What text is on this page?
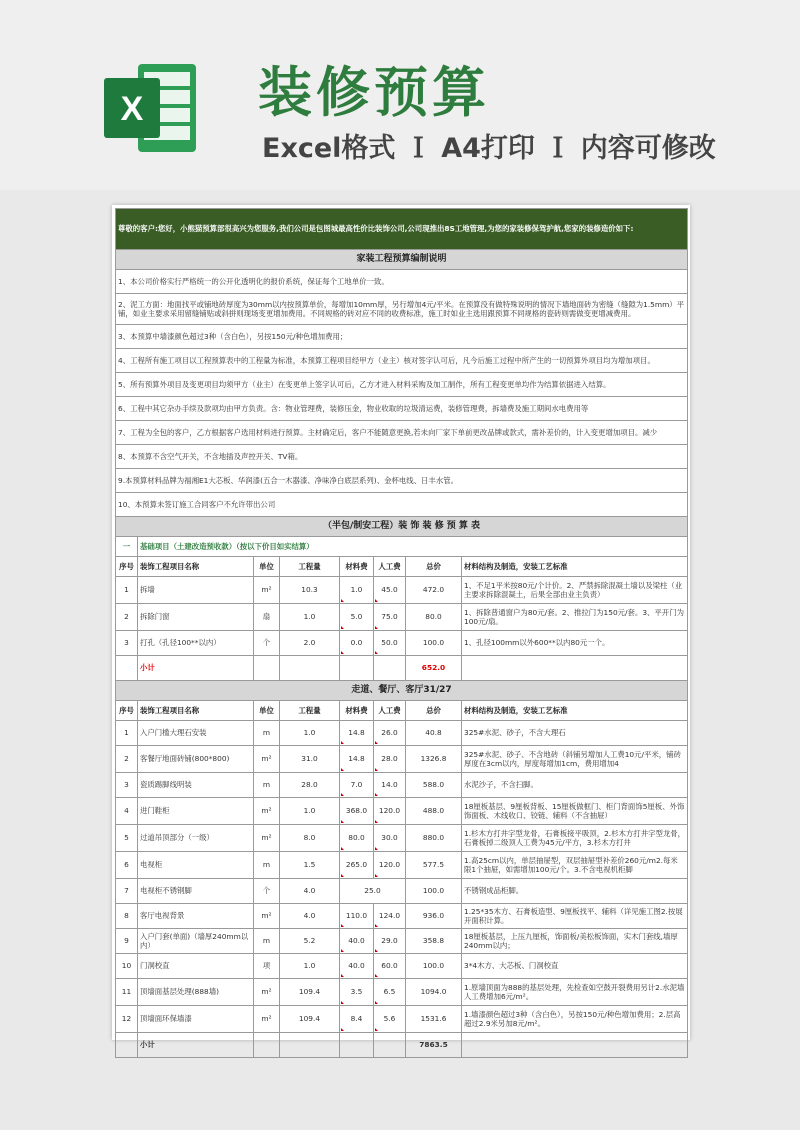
X 装修预算
Excel格式 Ｉ A4打印 Ｉ 内容可修改
尊敬的客户:您好，小熊猫预算部很高兴为您服务,我们公司是包图城最高性价比装饰公司,公司现推出8S工地管理,为您的家装修保驾护航,您家的装修造价如下:							
家装工程预算编制说明							
1、本公司价格实行严格统一的公开化透明化的报价系统，保证每个工地单价一致。							
2、泥工方面：地面找平或铺地砖厚度为30mm以内按预算单价，每增加10mm厚，另行增加4元/平米。在预算没有做特殊说明的情况下墙地面砖为密缝（缝隙为1.5mm）平铺，如业主要求采用留缝铺贴或斜拼则现场变更增加费用。不同规格的砖对应不同的收费标准，施工时如业主选用跟预算不同规格的瓷砖则需做变更增减费用。							
3、本预算中墙漆颜色超过3种（含白色），另按150元/种色增加费用；							
4、工程所有施工项目以工程预算表中的工程量为标准，本预算工程项目经甲方（业主）核对签字认可后，凡今后施工过程中所产生的一切预算外项目均为增加项目。							
5、所有预算外项目及变更项目均须甲方（业主）在变更单上签字认可后，乙方才进入材料采购及加工制作，所有工程变更单均作为结算依据进入结算。							
6、工程中其它杂办手续及款项均由甲方负责。含：物业管理费，装修压金，物业收取的垃圾清运费，装修管理费，拆墙费及施工期间水电费用等							
7、工程为全包的客户，乙方根据客户选用材料进行预算。主材确定后，客户不能随意更换,若未向厂家下单前更改品牌或款式，需补差价的，计入变更增加项目。减少							
8、本预算不含空气开关，不含地插及声控开关、TV箱。							
9.本预算材料品牌为福湘E1大芯板、华润漆(五合一木器漆、净味净白底层系列)、金杯电线、日丰水管。							
10、本预算未签订施工合同客户不允许带出公司							
（半包/制安工程）装 饰 装 修 预 算 表							
一	基础项目（土建改造预收款）（按以下价目如实结算）						
序号	装饰工程项目名称	单位	工程量	材料费	人工费	总价	材料结构及制造，安装工艺标准
1	拆墙	m²	10.3	1.0	45.0	472.0	1、不足1平米按80元/个计价。2、严禁拆除混凝土墙以及梁柱（业主要求拆除混凝土，后果全部由业主负责）
2	拆除门窗	扇	1.0	5.0	75.0	80.0	1、拆除普通窗户为80元/套。2、推拉门为150元/套。3、平开门为100元/扇。
3	打孔（孔径100**以内）	个	2.0	0.0	50.0	100.0	1、孔径100mm以外600**以内80元一个。
	小计					652.0	
走道、餐厅、客厅31/27							
序号	装饰工程项目名称	单位	工程量	材料费	人工费	总价	材料结构及制造，安装工艺标准
1	入户门槛大理石安装	m	1.0	14.8	26.0	40.8	325#水泥、砂子，不含大理石
2	客餐厅地面砖铺(800*800)	m²	31.0	14.8	28.0	1326.8	325#水泥、砂子、不含地砖（斜铺另增加人工费10元/平米，铺砖厚度在3cm以内，厚度每增加1cm，费用增加4
3	瓷质踢脚线明装	m	28.0	7.0	14.0	588.0	水泥沙子，不含扫脚。
4	进门鞋柜	m²	1.0	368.0	120.0	488.0	18厘板基层、9厘板背板、15厘板做框门、柜门背面饰5厘板、外饰饰面板、木线收口、铰链、辅料（不含抽屉）
5	过道吊顶部分（一级）	m²	8.0	80.0	30.0	880.0	1.杉木方打井字型龙骨，石膏板接平吸顶，2.杉木方打井字型龙骨，石膏板掉二级顶人工费为45元/平方，3.杉木方打井
6	电视柜	m	1.5	265.0	120.0	577.5	1.高25cm以内，单层抽屉型，双层抽屉型补差价260元/m2.每米限1个抽屉，如需增加100元/个。3.不含电视机柜脚
7	电视柜不锈钢脚	个	4.0	25.0		100.0	不锈钢成品柜脚。
8	客厅电视背景	m²	4.0	110.0	124.0	936.0	1.25*35木方、石膏板造型、9厘板找平、辅料（详见施工图2.按展开面积计算。
9	入户门套(单面)（墙厚240mm以内）	m	5.2	40.0	29.0	358.8	18厘板基层，上压九厘板，饰面板/美松板饰面，实木门套线,墙厚240mm以内；
10	门洞校直	项	1.0	40.0	60.0	100.0	3*4木方、大芯板、门洞校直
11	顶墙面基层处理(888墙)	m²	109.4	3.5	6.5	1094.0	1.原墙顶面为888的基层处理，先检查如空鼓开裂费用另计2.水泥墙人工费增加6元/m²。
12	顶墙面环保墙漆	m²	109.4	8.4	5.6	1531.6	1.墙漆颜色超过3种（含白色），另按150元/种色增加费用；2.层高超过2.9米另加8元/m²。
	小计					7863.5	
